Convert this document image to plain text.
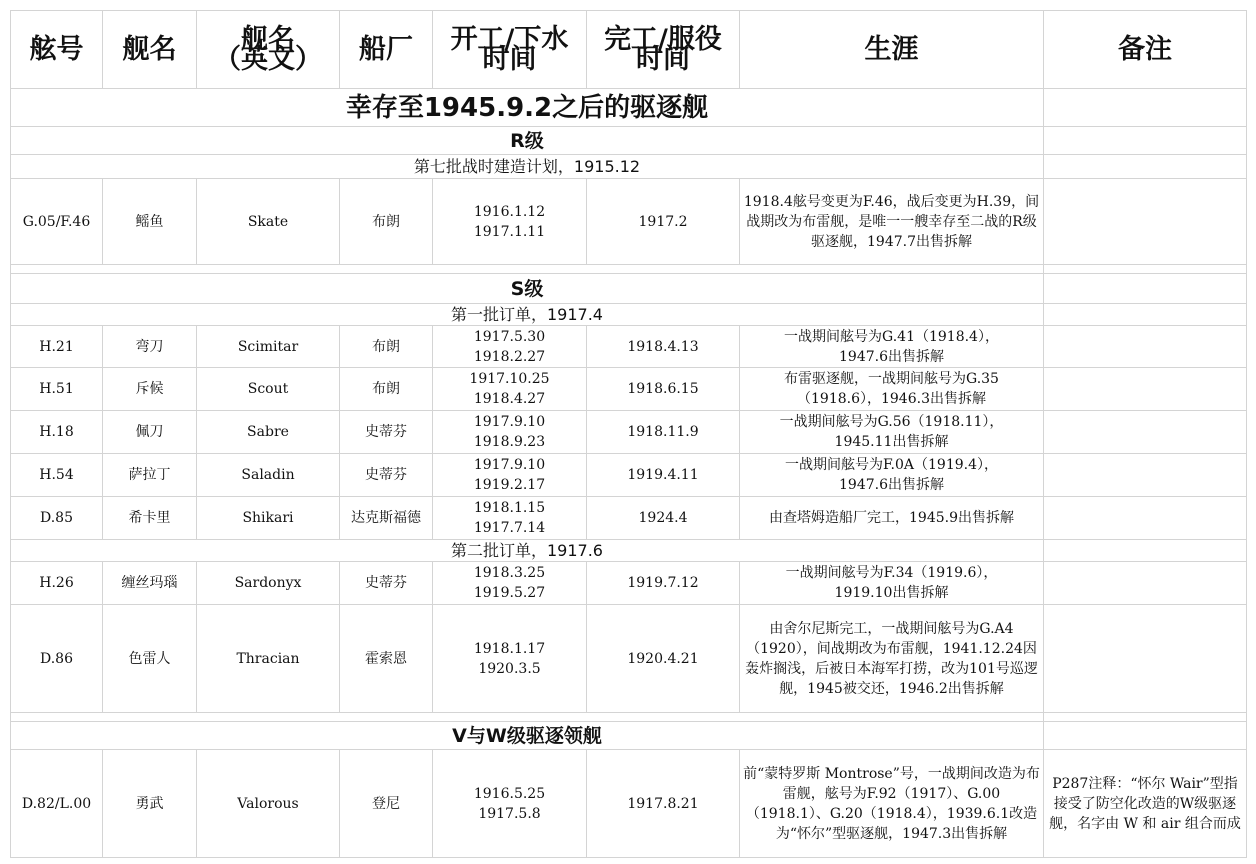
舷号	舰名	舰名
（英文）	船厂	开工/下水
时间	完工/服役
时间	生涯	备注
幸存至1945.9.2之后的驱逐舰							
R级							
第七批战时建造计划，1915.12							
G.05/F.46	鳐鱼	Skate	布朗	1916.1.12
1917.1.11	1917.2	1918.4舷号变更为F.46，战后变更为H.39，间战期改为布雷舰，是唯一一艘幸存至二战的R级驱逐舰，1947.7出售拆解	

S级							
第一批订单，1917.4							
H.21	弯刀	Scimitar	布朗	1917.5.30
1918.2.27	1918.4.13	一战期间舷号为G.41（1918.4），
1947.6出售拆解	
H.51	斥候	Scout	布朗	1917.10.25
1918.4.27	1918.6.15	布雷驱逐舰，一战期间舷号为G.35
（1918.6），1946.3出售拆解	
H.18	佩刀	Sabre	史蒂芬	1917.9.10
1918.9.23	1918.11.9	一战期间舷号为G.56（1918.11），
1945.11出售拆解	
H.54	萨拉丁	Saladin	史蒂芬	1917.9.10
1919.2.17	1919.4.11	一战期间舷号为F.0A（1919.4），
1947.6出售拆解	
D.85	希卡里	Shikari	达克斯福德	1918.1.15
1917.7.14	1924.4	由查塔姆造船厂完工，1945.9出售拆解	
第二批订单，1917.6							
H.26	缠丝玛瑙	Sardonyx	史蒂芬	1918.3.25
1919.5.27	1919.7.12	一战期间舷号为F.34（1919.6），
1919.10出售拆解	
D.86	色雷人	Thracian	霍索恩	1918.1.17
1920.3.5	1920.4.21	由舍尔尼斯完工，一战期间舷号为G.A4（1920），间战期改为布雷舰，1941.12.24因轰炸搁浅，后被日本海军打捞，改为101号巡逻舰，1945被交还，1946.2出售拆解	

V与W级驱逐领舰							
D.82/L.00	勇武	Valorous	登尼	1916.5.25
1917.5.8	1917.8.21	前“蒙特罗斯 Montrose”号，一战期间改造为布雷舰，舷号为F.92（1917）、G.00（1918.1）、G.20（1918.4），1939.6.1改造为“怀尔”型驱逐舰，1947.3出售拆解	P287注释：“怀尔 Wair”型指接受了防空化改造的W级驱逐舰，名字由 W 和 air 组合而成
